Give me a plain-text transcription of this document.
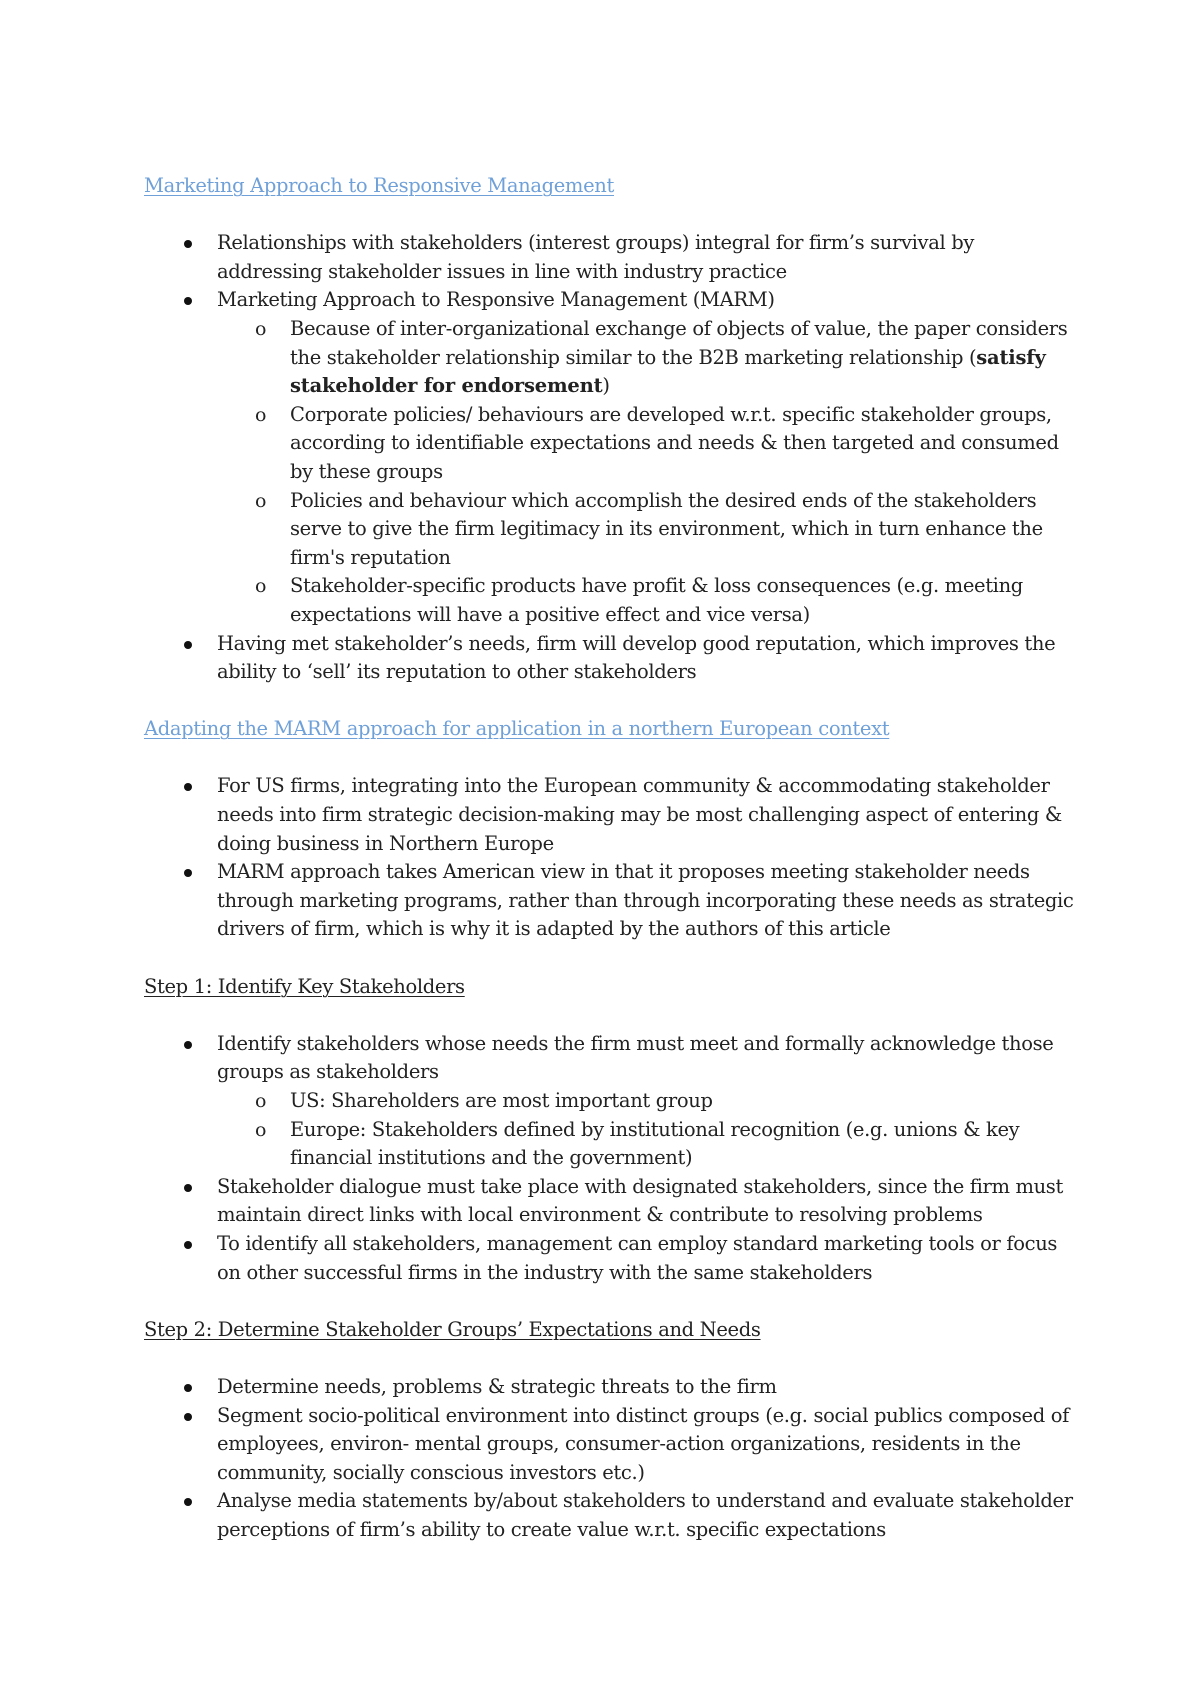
Marketing Approach to Responsive Management
Relationships with stakeholders (interest groups) integral for firm’s survival by addressing stakeholder issues in line with industry practice
Marketing Approach to Responsive Management (MARM)
o Because of inter-organizational exchange of objects of value, the paper considers the stakeholder relationship similar to the B2B marketing relationship (satisfy stakeholder for endorsement)
o Corporate policies/ behaviours are developed w.r.t. specific stakeholder groups, according to identifiable expectations and needs & then targeted and consumed by these groups
o Policies and behaviour which accomplish the desired ends of the stakeholders serve to give the firm legitimacy in its environment, which in turn enhance the firm's reputation
o Stakeholder-specific products have profit & loss consequences (e.g. meeting expectations will have a positive effect and vice versa)
Having met stakeholder’s needs, firm will develop good reputation, which improves the ability to ‘sell’ its reputation to other stakeholders
Adapting the MARM approach for application in a northern European context
For US firms, integrating into the European community & accommodating stakeholder needs into firm strategic decision-making may be most challenging aspect of entering & doing business in Northern Europe
MARM approach takes American view in that it proposes meeting stakeholder needs through marketing programs, rather than through incorporating these needs as strategic drivers of firm, which is why it is adapted by the authors of this article
Step 1: Identify Key Stakeholders
Identify stakeholders whose needs the firm must meet and formally acknowledge those groups as stakeholders
o US: Shareholders are most important group
o Europe: Stakeholders defined by institutional recognition (e.g. unions & key financial institutions and the government)
Stakeholder dialogue must take place with designated stakeholders, since the firm must maintain direct links with local environment & contribute to resolving problems
To identify all stakeholders, management can employ standard marketing tools or focus on other successful firms in the industry with the same stakeholders
Step 2: Determine Stakeholder Groups’ Expectations and Needs
Determine needs, problems & strategic threats to the firm
Segment socio-political environment into distinct groups (e.g. social publics composed of employees, environ- mental groups, consumer-action organizations, residents in the community, socially conscious investors etc.)
Analyse media statements by/about stakeholders to understand and evaluate stakeholder perceptions of firm’s ability to create value w.r.t. specific expectations
